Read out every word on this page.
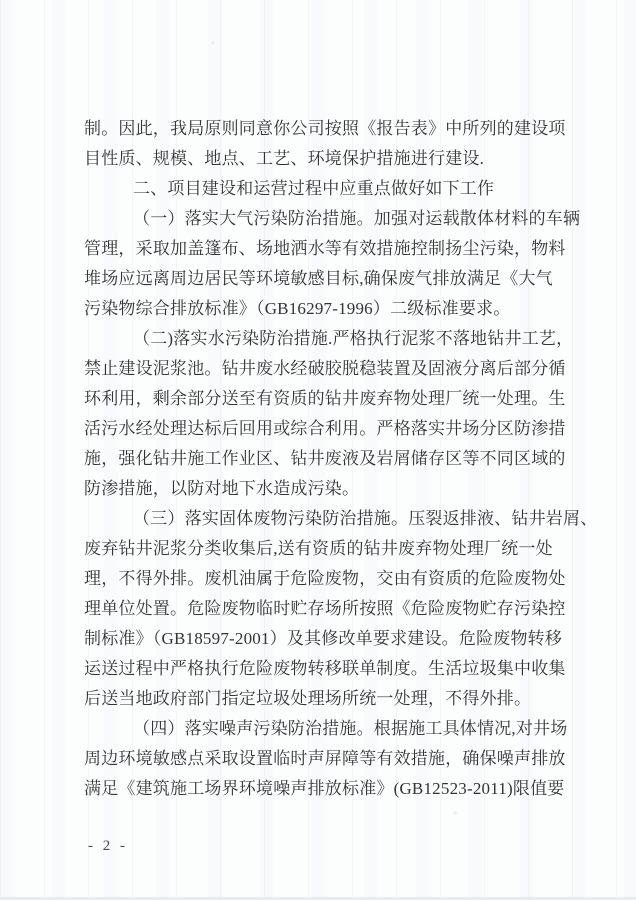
制。因此，我局原则同意你公司按照《报告表》中所列的建设项
目性质、规模、地点、工艺、环境保护措施进行建设.
二、项目建设和运营过程中应重点做好如下工作
（一）落实大气污染防治措施。加强对运载散体材料的车辆
管理，采取加盖篷布、场地洒水等有效措施控制扬尘污染，物料
堆场应远离周边居民等环境敏感目标,确保废气排放满足《大气
污染物综合排放标准》（GB16297-1996）二级标准要求。
（二)落实水污染防治措施.严格执行泥浆不落地钻井工艺，
禁止建设泥浆池。钻井废水经破胶脱稳装置及固液分离后部分循
环利用，剩余部分送至有资质的钻井废弃物处理厂统一处理。生
活污水经处理达标后回用或综合利用。严格落实井场分区防渗措
施，强化钻井施工作业区、钻井废液及岩屑储存区等不同区域的
防渗措施，以防对地下水造成污染。
（三）落实固体废物污染防治措施。压裂返排液、钻井岩屑、
废弃钻井泥浆分类收集后,送有资质的钻井废弃物处理厂统一处
理，不得外排。废机油属于危险废物，交由有资质的危险废物处
理单位处置。危险废物临时贮存场所按照《危险废物贮存污染控
制标准》（GB18597-2001）及其修改单要求建设。危险废物转移
运送过程中严格执行危险废物转移联单制度。生活垃圾集中收集
后送当地政府部门指定垃圾处理场所统一处理，不得外排。
（四）落实噪声污染防治措施。根据施工具体情况,对井场
周边环境敏感点采取设置临时声屏障等有效措施，确保噪声排放
满足《建筑施工场界环境噪声排放标准》(GB12523-2011)限值要
- 2 -
